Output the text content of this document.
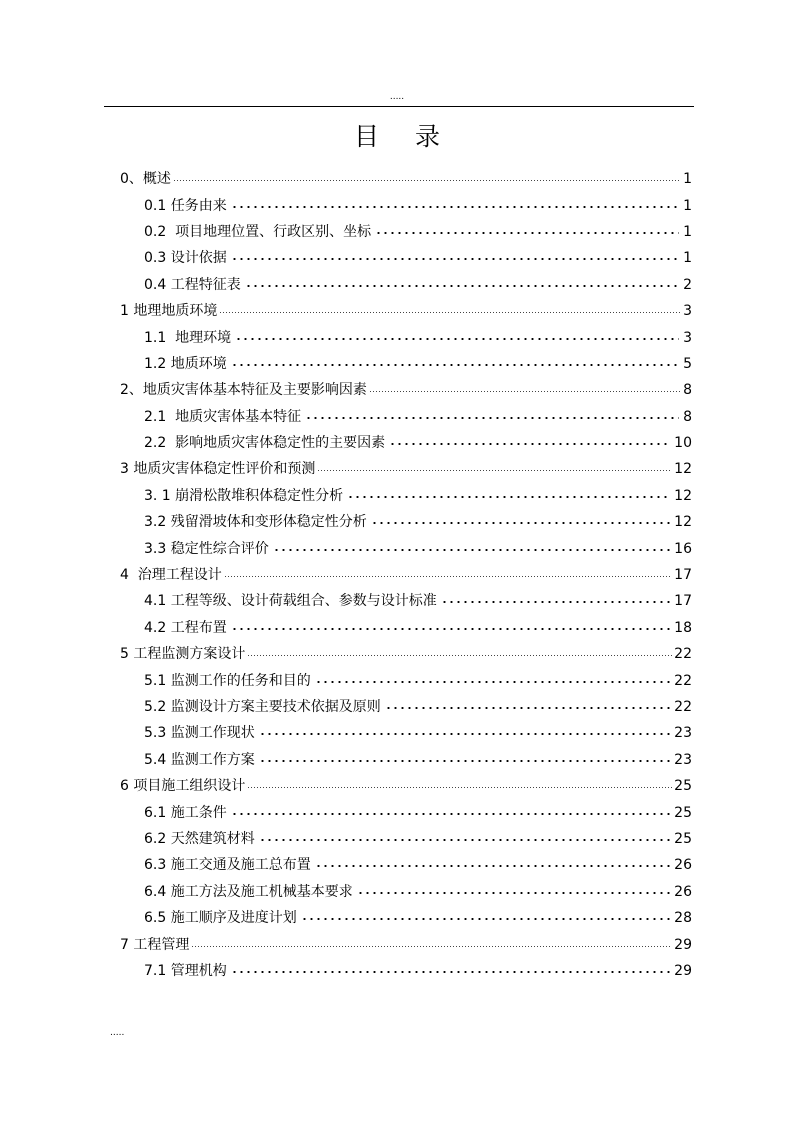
.....
目 录
0、概述	1
0.1 任务由来	1
0.2  项目地理位置、行政区别、坐标	1
0.3 设计依据	1
0.4 工程特征表	2
1 地理地质环境	3
1.1  地理环境	3
1.2 地质环境	5
2、地质灾害体基本特征及主要影响因素	8
2.1  地质灾害体基本特征	8
2.2  影响地质灾害体稳定性的主要因素	10
3 地质灾害体稳定性评价和预测	12
3. 1 崩滑松散堆积体稳定性分析	12
3.2 残留滑坡体和变形体稳定性分析	12
3.3 稳定性综合评价	16
4  治理工程设计	17
4.1 工程等级、设计荷载组合、参数与设计标准	17
4.2 工程布置	18
5 工程监测方案设计	22
5.1 监测工作的任务和目的	22
5.2 监测设计方案主要技术依据及原则	22
5.3 监测工作现状	23
5.4 监测工作方案	23
6 项目施工组织设计	25
6.1 施工条件	25
6.2 天然建筑材料	25
6.3 施工交通及施工总布置	26
6.4 施工方法及施工机械基本要求	26
6.5 施工顺序及进度计划	28
7 工程管理	29
7.1 管理机构	29
.....
